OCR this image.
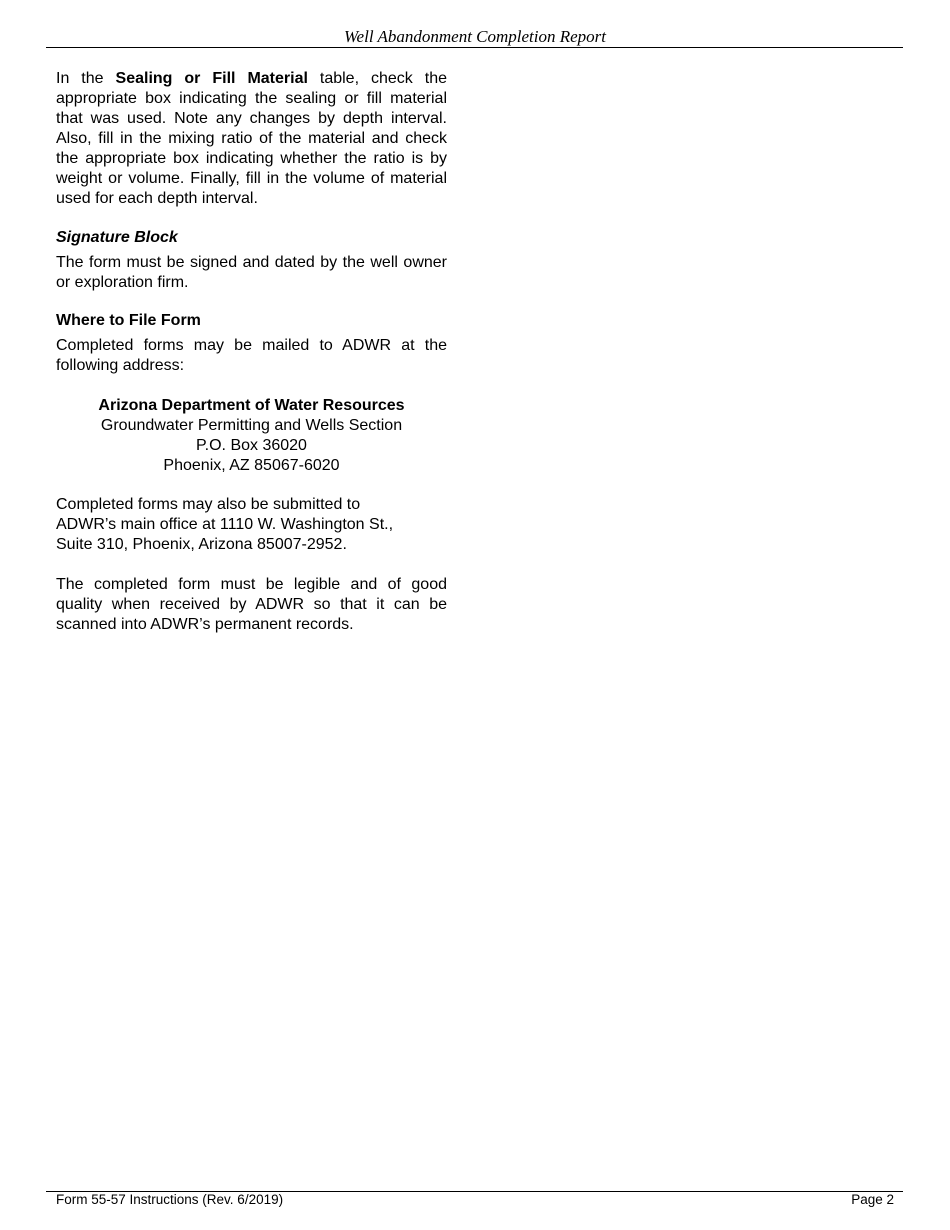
Well Abandonment Completion Report

In the Sealing or Fill Material table, check the appropriate box indicating the sealing or fill material that was used. Note any changes by depth interval. Also, fill in the mixing ratio of the material and check the appropriate box indicating whether the ratio is by weight or volume. Finally, fill in the volume of material used for each depth interval.

Signature Block

The form must be signed and dated by the well owner or exploration firm.

Where to File Form

Completed forms may be mailed to ADWR at the following address:

Arizona Department of Water Resources
Groundwater Permitting and Wells Section
P.O. Box 36020
Phoenix, AZ 85067-6020
Completed forms may also be submitted to
ADWR’s main office at 1110 W. Washington St.,
Suite 310, Phoenix, Arizona 85007-2952.

The completed form must be legible and of good quality when received by ADWR so that it can be scanned into ADWR’s permanent records.

Form 55-57 Instructions (Rev. 6/2019)	Page 2
